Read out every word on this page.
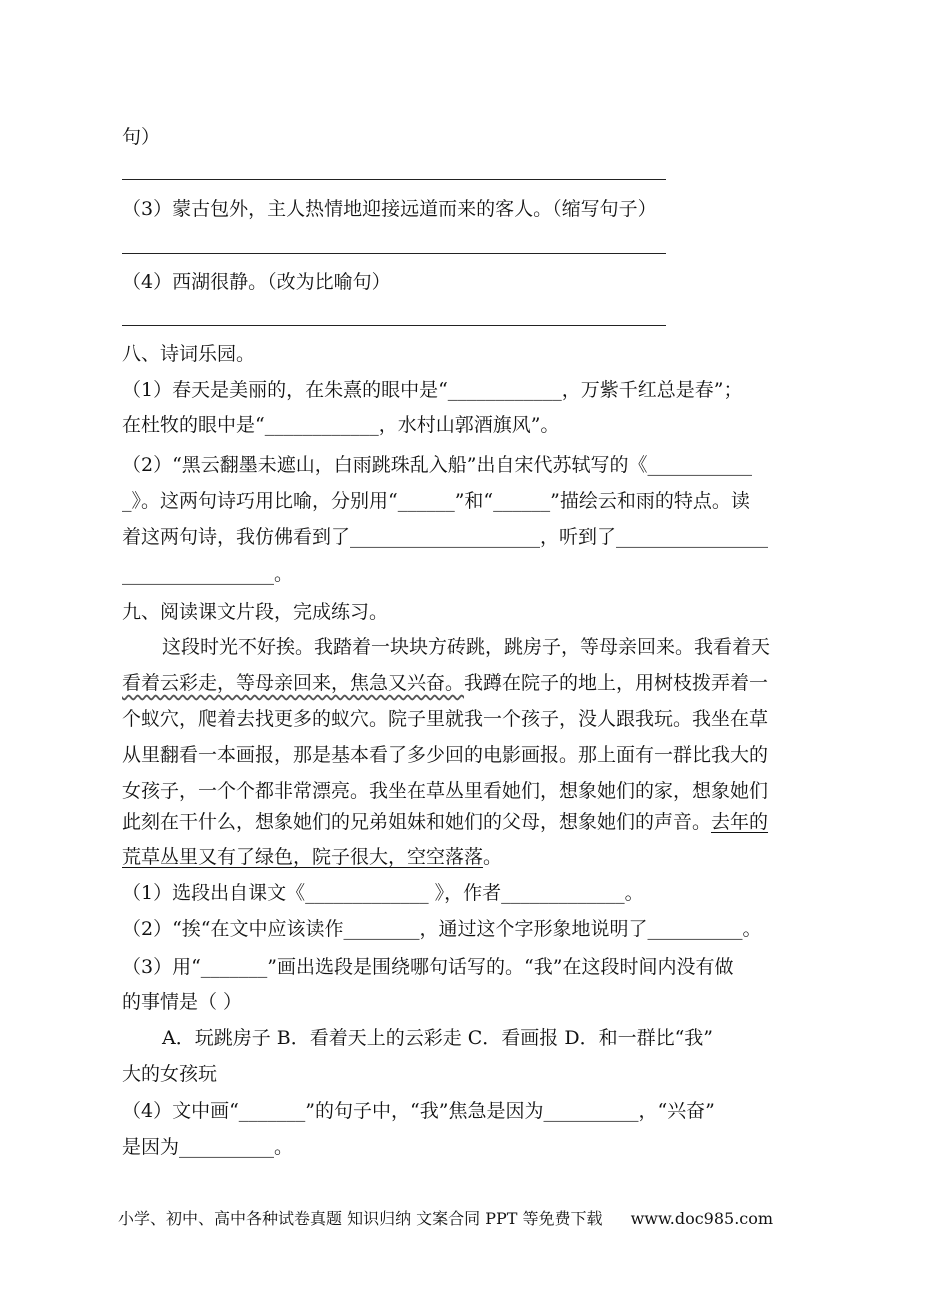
句）
（3）蒙古包外，主人热情地迎接远道而来的客人。（缩写句子）
（4）西湖很静。（改为比喻句）
八、诗词乐园。
（1）春天是美丽的，在朱熹的眼中是“____________，万紫千红总是春”；
在杜牧的眼中是“____________，水村山郭酒旗风”。
（2）“黑云翻墨未遮山，白雨跳珠乱入船”出自宋代苏轼写的《___________
_》。这两句诗巧用比喻，分别用“______”和“______”描绘云和雨的特点。读
着这两句诗，我仿佛看到了____________________，听到了________________
________________。
九、阅读课文片段，完成练习。
这段时光不好挨。我踏着一块块方砖跳，跳房子，等母亲回来。我看着天
看着云彩走，等母亲回来，焦急又兴奋。我蹲在院子的地上，用树枝拨弄着一
个蚁穴，爬着去找更多的蚁穴。院子里就我一个孩子，没人跟我玩。我坐在草
从里翻看一本画报，那是基本看了多少回的电影画报。那上面有一群比我大的
女孩子，一个个都非常漂亮。我坐在草丛里看她们，想象她们的家，想象她们
此刻在干什么，想象她们的兄弟姐妹和她们的父母，想象她们的声音。去年的
荒草丛里又有了绿色，院子很大，空空落落。
（1）选段出自课文《_____________ 》，作者_____________。
（2）“挨“在文中应该读作________，通过这个字形象地说明了__________。
（3）用“_______”画出选段是围绕哪句话写的。“我”在这段时间内没有做
的事情是（ ）
A．玩跳房子 B．看着天上的云彩走 C．看画报 D．和一群比“我”
大的女孩玩
（4）文中画“_______”的句子中，“我”焦急是因为__________，“兴奋”
是因为__________。
小学、初中、高中各种试卷真题 知识归纳 文案合同 PPT 等免费下载 www.doc985.com
